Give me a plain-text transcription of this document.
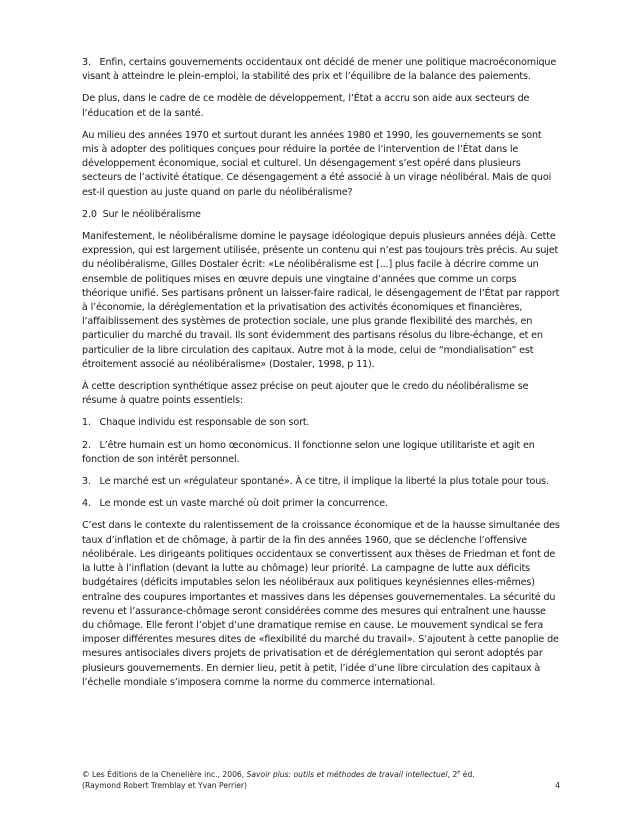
3.   Enfin, certains gouvernements occidentaux ont décidé de mener une politique macroéconomique visant à atteindre le plein-emploi, la stabilité des prix et l’équilibre de la balance des paiements.

De plus, dans le cadre de ce modèle de développement, l’État a accru son aide aux secteurs de l’éducation et de la santé.

Au milieu des années 1970 et surtout durant les années 1980 et 1990, les gouvernements se sont mis à adopter des politiques conçues pour réduire la portée de l’intervention de l’État dans le développement économique, social et culturel. Un désengagement s’est opéré dans plusieurs secteurs de l’activité étatique. Ce désengagement a été associé à un virage néolibéral. Mais de quoi est-il question au juste quand on parle du néolibéralisme?

2.0  Sur le néolibéralisme

Manifestement, le néolibéralisme domine le paysage idéologique depuis plusieurs années déjà. Cette expression, qui est largement utilisée, présente un contenu qui n’est pas toujours très précis. Au sujet du néolibéralisme, Gilles Dostaler écrit: «Le néolibéralisme est [...] plus facile à décrire comme un ensemble de politiques mises en œuvre depuis une vingtaine d’années que comme un corps théorique unifié. Ses partisans prônent un laisser-faire radical, le désengagement de l’État par rapport à l’économie, la déréglementation et la privatisation des activités économiques et financières, l’affaiblissement des systèmes de protection sociale, une plus grande flexibilité des marchés, en particulier du marché du travail. Ils sont évidemment des partisans résolus du libre-échange, et en particulier de la libre circulation des capitaux. Autre mot à la mode, celui de “mondialisation” est étroitement associé au néolibéralisme» (Dostaler, 1998, p 11).

À cette description synthétique assez précise on peut ajouter que le credo du néolibéralisme se résume à quatre points essentiels:

1.   Chaque individu est responsable de son sort.

2.   L’être humain est un homo œconomicus. Il fonctionne selon une logique utilitariste et agit en fonction de son intérêt personnel.

3.   Le marché est un «régulateur spontané». À ce titre, il implique la liberté la plus totale pour tous.

4.   Le monde est un vaste marché où doit primer la concurrence.

C’est dans le contexte du ralentissement de la croissance économique et de la hausse simultanée des taux d’inflation et de chômage, à partir de la fin des années 1960, que se déclenche l’offensive néolibérale. Les dirigeants politiques occidentaux se convertissent aux thèses de Friedman et font de la lutte à l’inflation (devant la lutte au chômage) leur priorité. La campagne de lutte aux déficits budgétaires (déficits imputables selon les néolibéraux aux politiques keynésiennes elles-mêmes) entraîne des coupures importantes et massives dans les dépenses gouvernementales. La sécurité du revenu et l’assurance-chômage seront considérées comme des mesures qui entraînent une hausse du chômage. Elle feront l’objet d’une dramatique remise en cause. Le mouvement syndical se fera imposer différentes mesures dites de «flexibilité du marché du travail». S’ajoutent à cette panoplie de mesures antisociales divers projets de privatisation et de déréglementation qui seront adoptés par plusieurs gouvernements. En dernier lieu, petit à petit, l’idée d’une libre circulation des capitaux à l’échelle mondiale s’imposera comme la norme du commerce international.

© Les Éditions de la Chenelière inc., 2006, Savoir plus: outils et méthodes de travail intellectuel, 2e éd.
(Raymond Robert Tremblay et Yvan Perrier)	4
